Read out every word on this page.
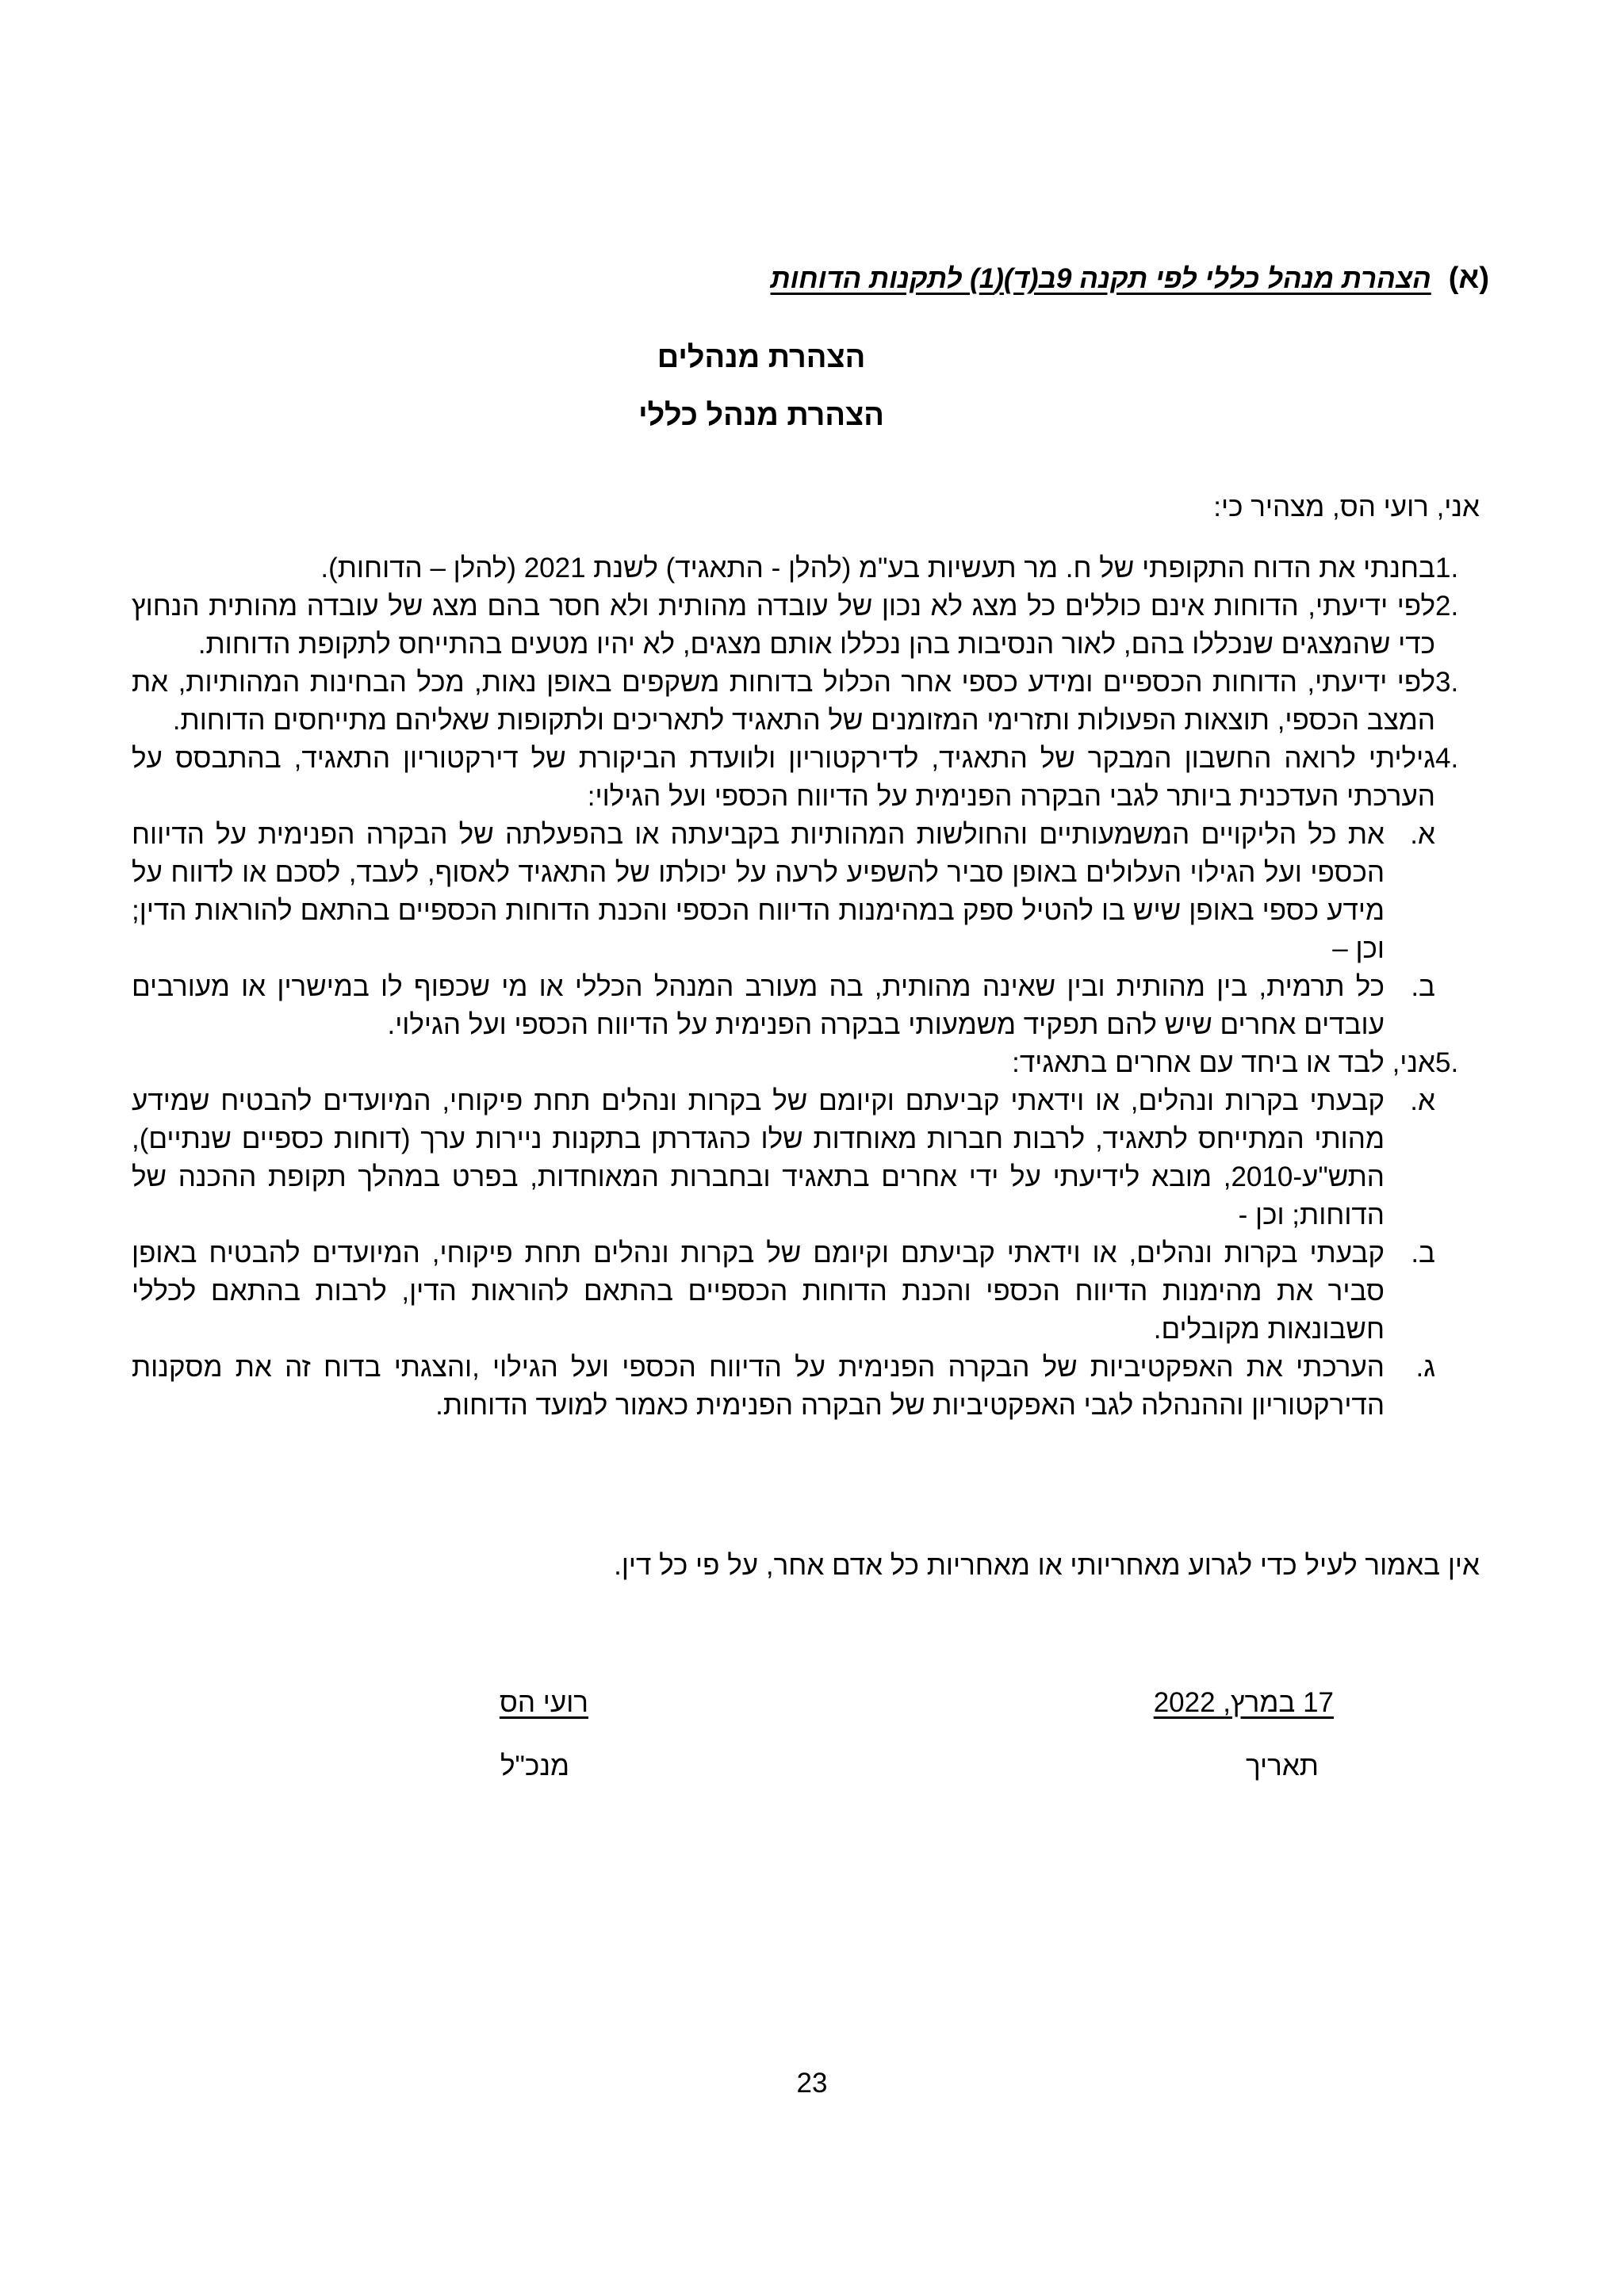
(א)
הצהרת מנהל כללי לפי תקנה 9ב(ד)(1) לתקנות הדוחות
הצהרת מנהלים
הצהרת מנהל כללי
אני, רועי הס, מצהיר כי:
1.
בחנתי את הדוח התקופתי של ח. מר תעשיות בע"מ (להלן - התאגיד) לשנת 2021 (להלן – הדוחות).
2.
לפי ידיעתי, הדוחות אינם כוללים כל מצג לא נכון של עובדה מהותית ולא חסר בהם מצג של עובדה מהותית הנחוץ כדי שהמצגים שנכללו בהם, לאור הנסיבות בהן נכללו אותם מצגים, לא יהיו מטעים בהתייחס לתקופת הדוחות.
3.
לפי ידיעתי, הדוחות הכספיים ומידע כספי אחר הכלול בדוחות משקפים באופן נאות, מכל הבחינות המהותיות, את המצב הכספי, תוצאות הפעולות ותזרימי המזומנים של התאגיד לתאריכים ולתקופות שאליהם מתייחסים הדוחות.
4.
גיליתי לרואה החשבון המבקר של התאגיד, לדירקטוריון ולוועדת הביקורת של דירקטוריון התאגיד, בהתבסס על הערכתי העדכנית ביותר לגבי הבקרה הפנימית על הדיווח הכספי ועל הגילוי:
א.
את כל הליקויים המשמעותיים והחולשות המהותיות בקביעתה או בהפעלתה של הבקרה הפנימית על הדיווח הכספי ועל הגילוי העלולים באופן סביר להשפיע לרעה על יכולתו של התאגיד לאסוף, לעבד, לסכם או לדווח על מידע כספי באופן שיש בו להטיל ספק במהימנות הדיווח הכספי והכנת הדוחות הכספיים בהתאם להוראות הדין; וכן –
ב.
כל תרמית, בין מהותית ובין שאינה מהותית, בה מעורב המנהל הכללי או מי שכפוף לו במישרין או מעורבים עובדים אחרים שיש להם תפקיד משמעותי בבקרה הפנימית על הדיווח הכספי ועל הגילוי.
5.
אני, לבד או ביחד עם אחרים בתאגיד:
א.
קבעתי בקרות ונהלים, או וידאתי קביעתם וקיומם של בקרות ונהלים תחת פיקוחי, המיועדים להבטיח שמידע מהותי המתייחס לתאגיד, לרבות חברות מאוחדות שלו כהגדרתן בתקנות ניירות ערך (דוחות כספיים שנתיים), התש"ע-2010, מובא לידיעתי על ידי אחרים בתאגיד ובחברות המאוחדות, בפרט במהלך תקופת ההכנה של הדוחות; וכן -
ב.
קבעתי בקרות ונהלים, או וידאתי קביעתם וקיומם של בקרות ונהלים תחת פיקוחי, המיועדים להבטיח באופן סביר את מהימנות הדיווח הכספי והכנת הדוחות הכספיים בהתאם להוראות הדין, לרבות בהתאם לכללי חשבונאות מקובלים.
ג.
הערכתי את האפקטיביות של הבקרה הפנימית על הדיווח הכספי ועל הגילוי ,והצגתי בדוח זה את מסקנות הדירקטוריון וההנהלה לגבי האפקטיביות של הבקרה הפנימית כאמור למועד הדוחות.
אין באמור לעיל כדי לגרוע מאחריותי או מאחריות כל אדם אחר, על פי כל דין.
17 במרץ, 2022
רועי הס
תאריך
מנכ"ל
23
